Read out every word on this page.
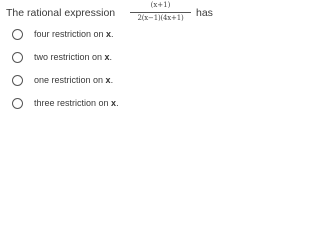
The rational expression
(x+1)
2(x−1)(4x+1)	has
four restriction on x.
two restriction on x.
one restriction on x.
three restriction on x.
